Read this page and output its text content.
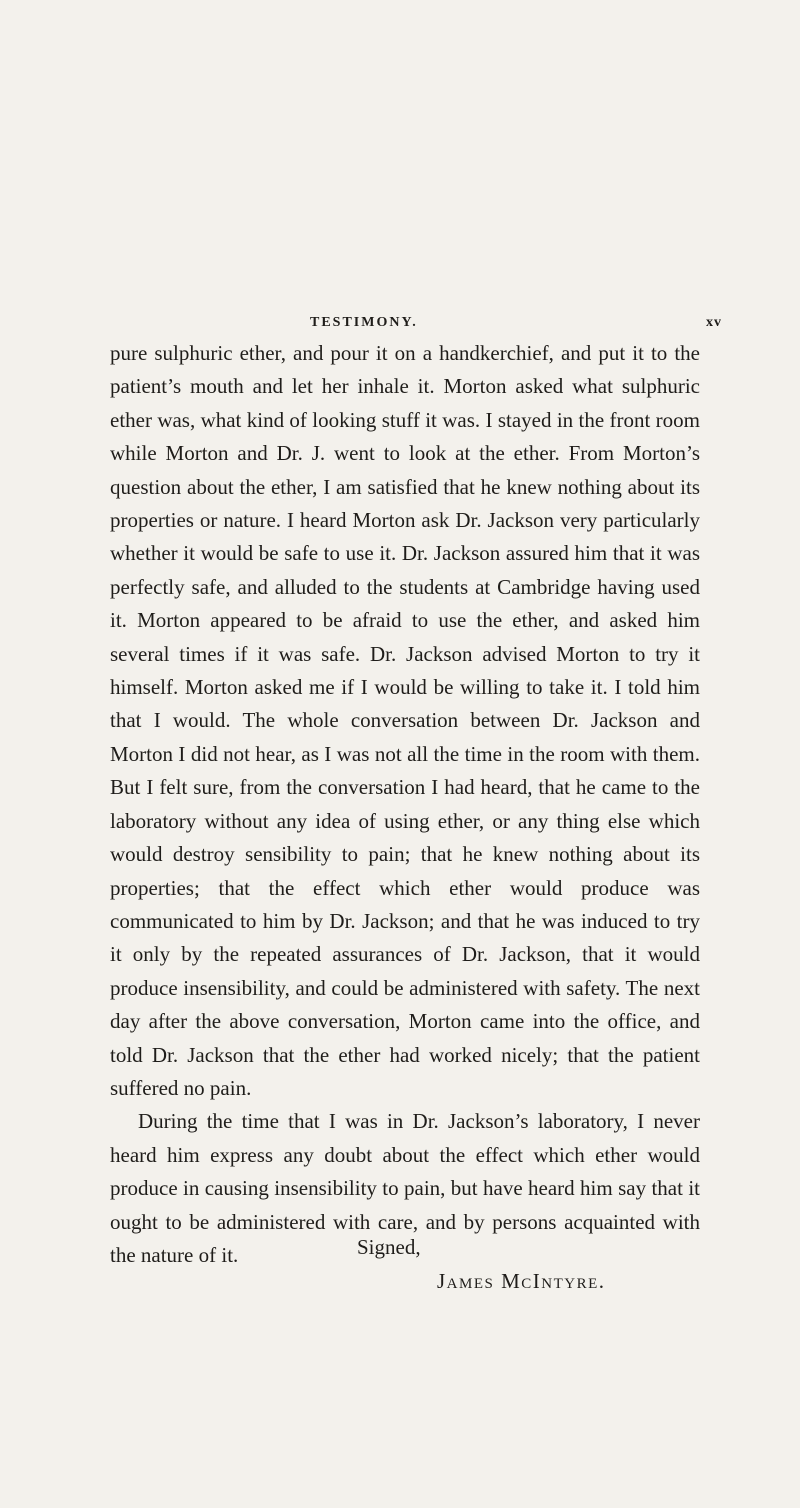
TESTIMONY.	xv

pure sulphuric ether, and pour it on a handkerchief, and put it to the patient’s mouth and let her inhale it. Morton asked what sulphuric ether was, what kind of looking stuff it was. I stayed in the front room while Morton and Dr. J. went to look at the ether. From Morton’s question about the ether, I am satisfied that he knew nothing about its properties or nature. I heard Morton ask Dr. Jackson very particularly whether it would be safe to use it. Dr. Jackson assured him that it was perfectly safe, and alluded to the students at Cambridge having used it. Morton appeared to be afraid to use the ether, and asked him several times if it was safe. Dr. Jackson advised Morton to try it himself. Morton asked me if I would be willing to take it. I told him that I would. The whole conversation between Dr. Jackson and Morton I did not hear, as I was not all the time in the room with them. But I felt sure, from the conversation I had heard, that he came to the laboratory without any idea of using ether, or any thing else which would destroy sensibility to pain; that he knew nothing about its properties; that the effect which ether would produce was communicated to him by Dr. Jackson; and that he was induced to try it only by the repeated assurances of Dr. Jackson, that it would produce insensibility, and could be administered with safety. The next day after the above conversation, Morton came into the office, and told Dr. Jackson that the ether had worked nicely; that the patient suffered no pain.

During the time that I was in Dr. Jackson’s laboratory, I never heard him express any doubt about the effect which ether would produce in causing insensibility to pain, but have heard him say that it ought to be administered with care, and by persons acquainted with the nature of it.	Signed,
James McIntyre.
